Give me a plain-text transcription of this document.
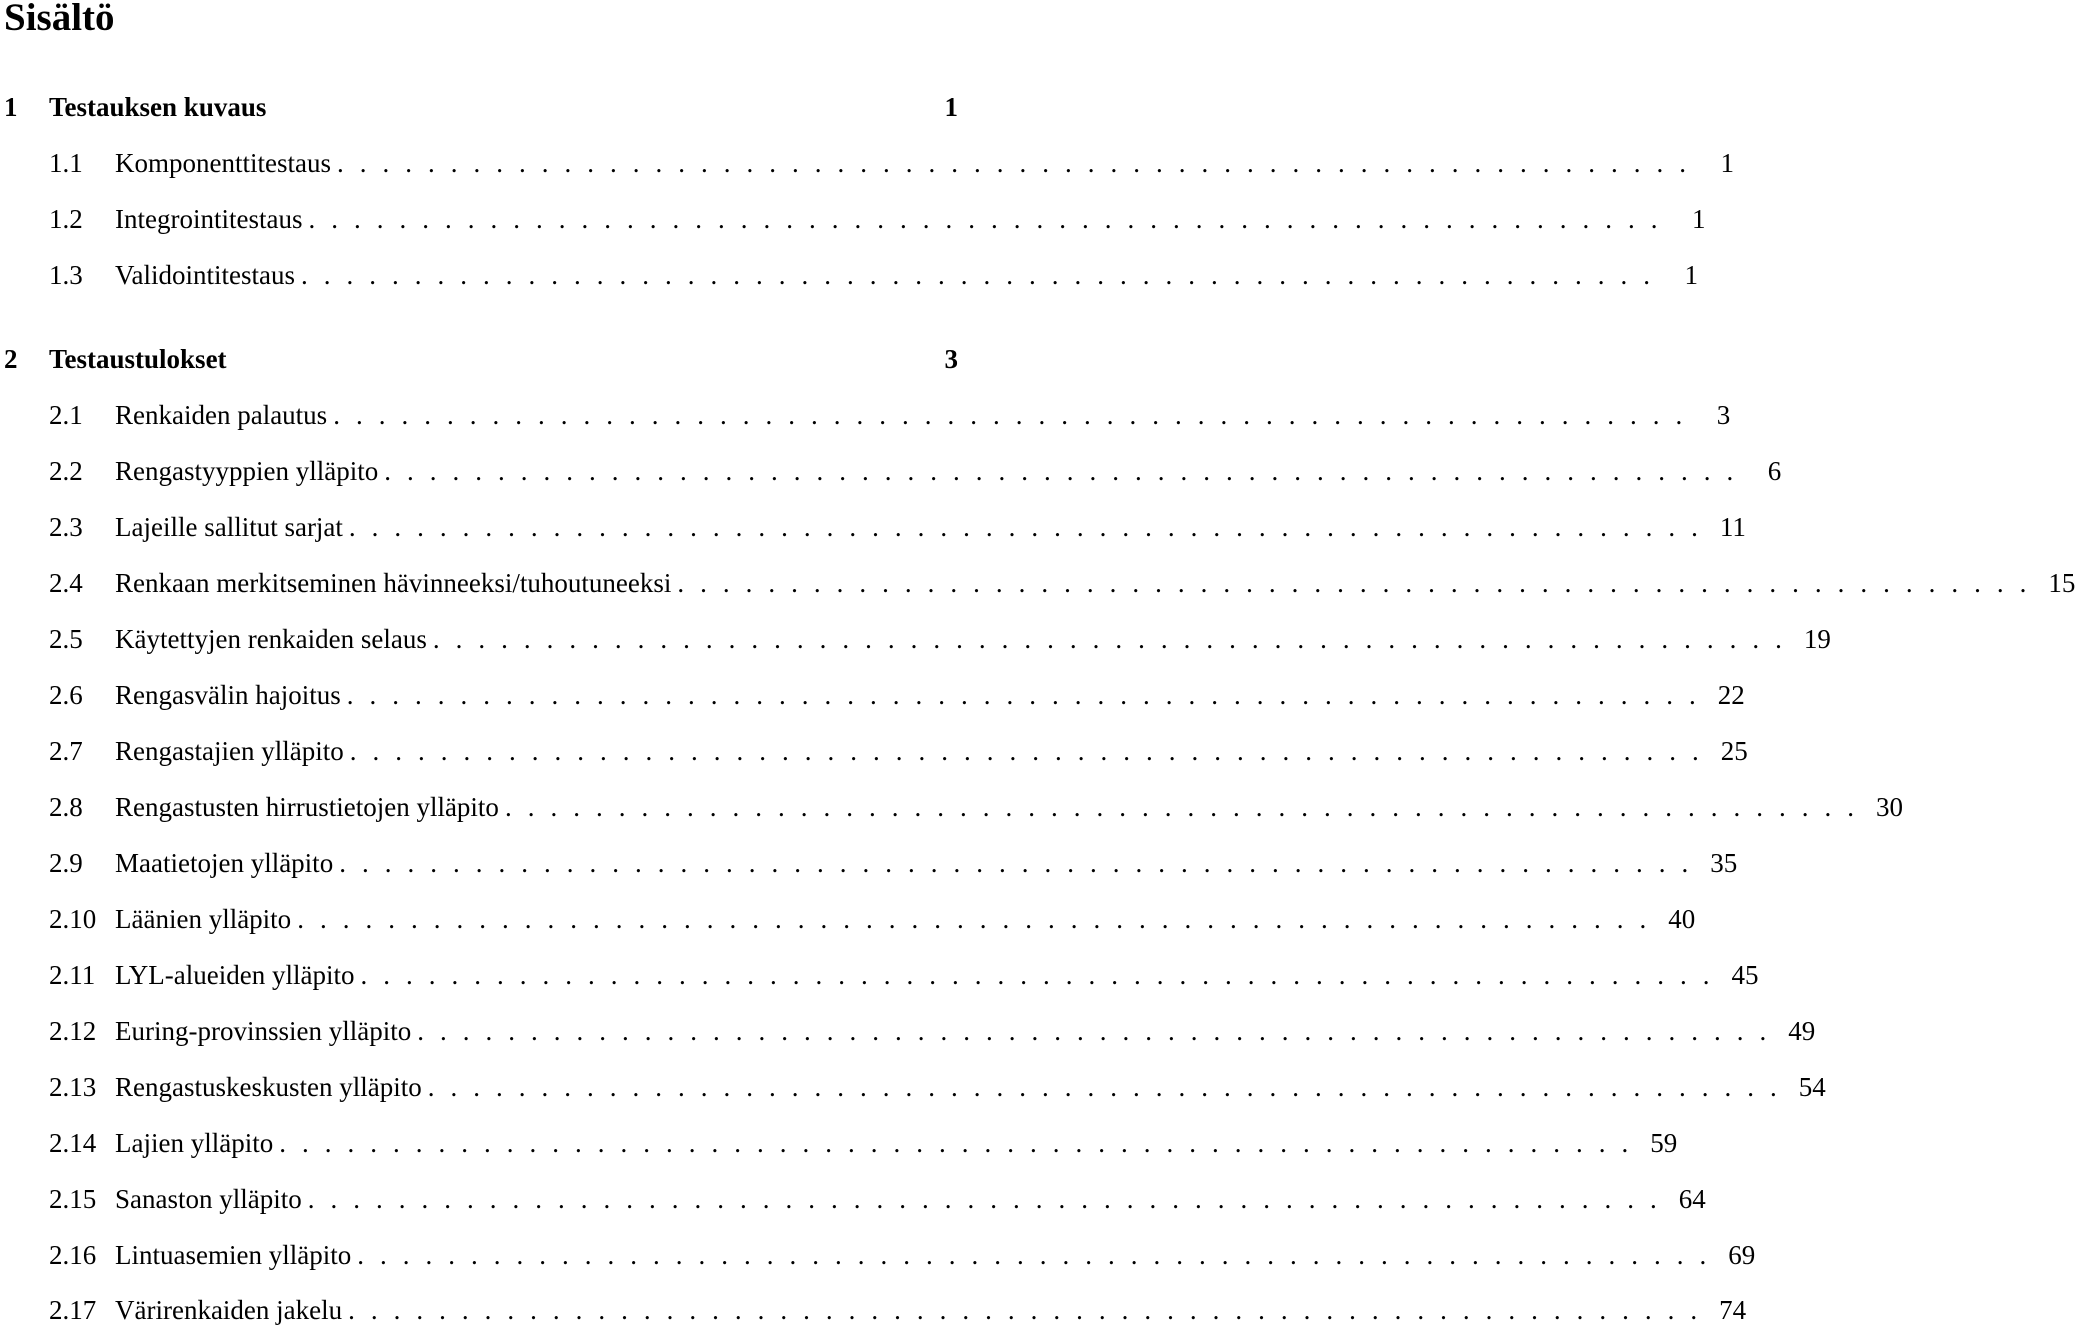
Sisältö
1 Testauksen kuvaus	1
1.1 Komponenttitestaus ............................................................ 1
1.2 Integrointitestaus ............................................................ 1
1.3 Validointitestaus ............................................................ 1
2 Testaustulokset	3
2.1 Renkaiden palautus ............................................................ 3
2.2 Rengastyyppien ylläpito ............................................................ 6
2.3 Lajeille sallitut sarjat ............................................................ 11
2.4 Renkaan merkitseminen hävinneeksi/tuhoutuneeksi ............................................................ 15
2.5 Käytettyjen renkaiden selaus ............................................................ 19
2.6 Rengasvälin hajoitus ............................................................ 22
2.7 Rengastajien ylläpito ............................................................ 25
2.8 Rengastusten hirrustietojen ylläpito ............................................................ 30
2.9 Maatietojen ylläpito ............................................................ 35
2.10 Läänien ylläpito ............................................................ 40
2.11 LYL-alueiden ylläpito ............................................................ 45
2.12 Euring-provinssien ylläpito ............................................................ 49
2.13 Rengastuskeskusten ylläpito ............................................................ 54
2.14 Lajien ylläpito ............................................................ 59
2.15 Sanaston ylläpito ............................................................ 64
2.16 Lintuasemien ylläpito ............................................................ 69
2.17 Värirenkaiden jakelu ............................................................ 74
